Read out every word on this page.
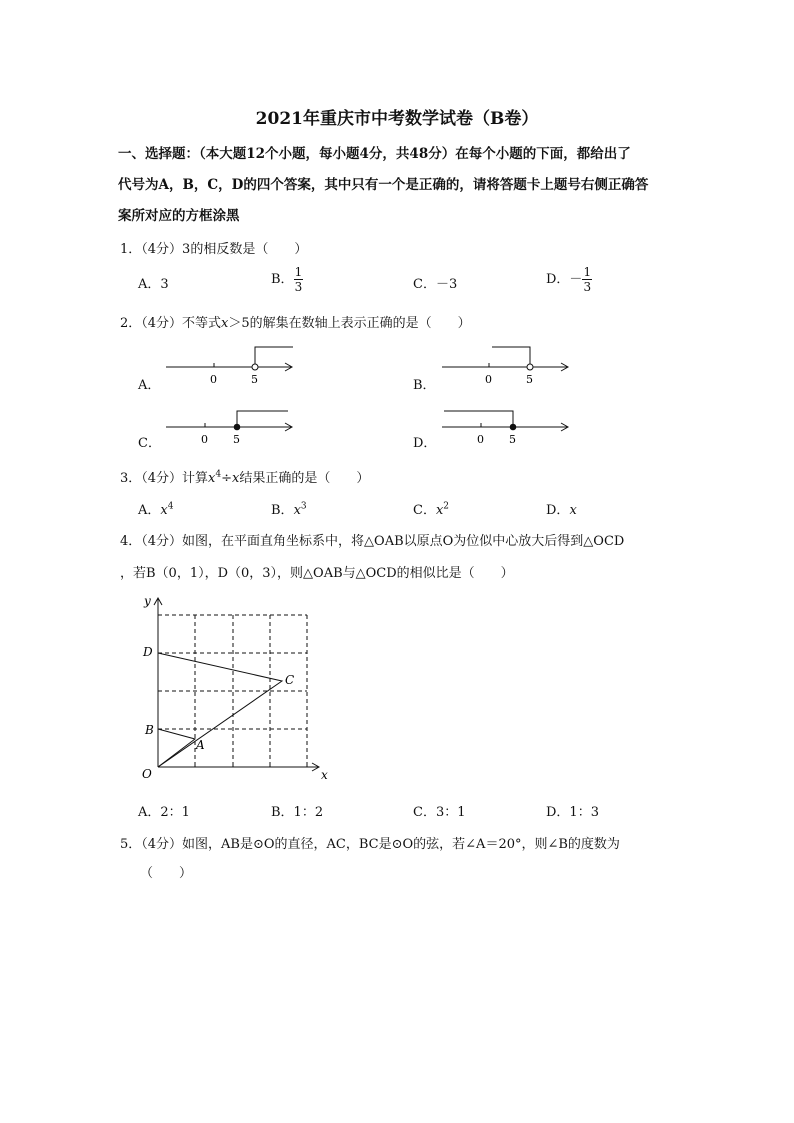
2021年重庆市中考数学试卷（B卷）
一、选择题：（本大题12个小题，每小题4分，共48分）在每个小题的下面，都给出了
代号为A，B，C，D的四个答案，其中只有一个是正确的，请将答题卡上题号右侧正确答
案所对应的方框涂黑
1．（4分）3的相反数是（　　）
A．3	B． $\frac{1}{3}$	C．－3	D．－ $\frac{1}{3}$
2．（4分）不等式x＞5的解集在数轴上表示正确的是（　　）
A．	0	5	B．	0	5
C．	0 5	D．	0 5
3．（4分）计算$x^4\div x$结果正确的是（　　）
A．$x^4$	B．$x^3$	C．$x^2$	D．x
4．（4分）如图，在平面直角坐标系中，将△OAB以原点O为位似中心放大后得到△OCD
，若B（0，1），D（0，3），则△OAB与△OCD的相似比是（　　）
y
x
O
A
B
C
D
A．2：1	B．1：2	C．3：1	D．1：3
5．（4分）如图，AB是⊙O的直径，AC，BC是⊙O的弦，若∠A＝20°，则∠B的度数为
（　　）
